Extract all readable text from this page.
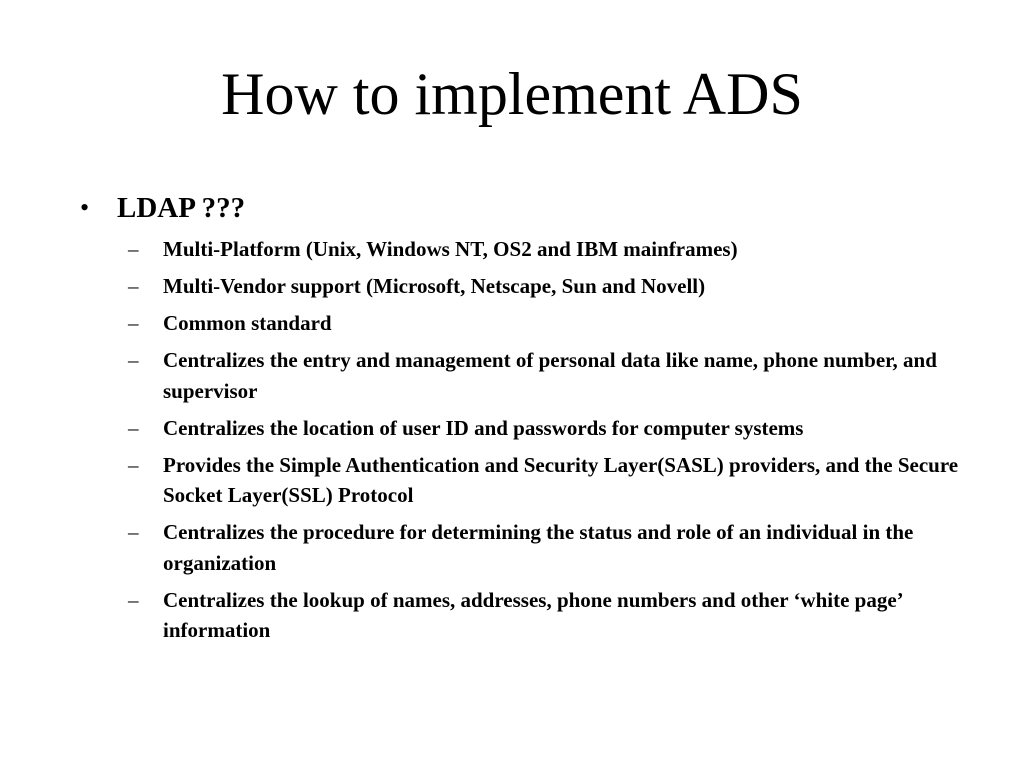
How to implement ADS
• LDAP ???
–	Multi-Platform (Unix, Windows NT, OS2 and IBM mainframes)
–	Multi-Vendor support (Microsoft, Netscape, Sun and Novell)
–	Common standard
–	Centralizes the entry and management of personal data like name, phone number, and supervisor
–	Centralizes the location of user ID and passwords for computer systems
–	Provides the Simple Authentication and Security Layer(SASL) providers, and the Secure Socket Layer(SSL) Protocol
–	Centralizes the procedure for determining the status and role of an individual in the organization
–	Centralizes the lookup of names, addresses, phone numbers and other ‘white page’ information
